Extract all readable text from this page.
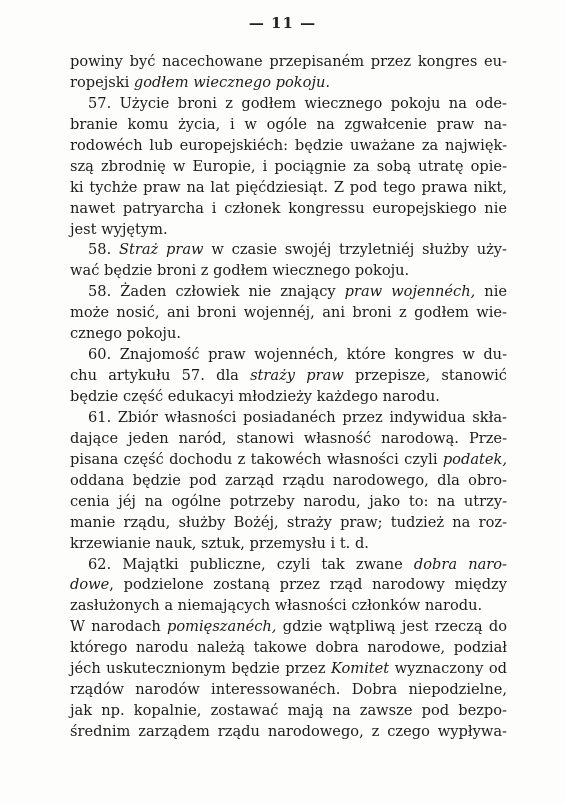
— 11 —
powiny być nacechowane przepisaném przez kongres eu-
ropejski godłem wiecznego pokoju.
57. Użycie broni z godłem wiecznego pokoju na ode-
branie komu życia, i w ogóle na zgwałcenie praw na-
rodowéch lub europejskiéch: będzie uważane za najwięk-
szą zbrodnię w Europie, i pociągnie za sobą utratę opie-
ki tychże praw na lat pięćdziesiąt. Z pod tego prawa nikt,
nawet patryarcha i członek kongressu europejskiego nie
jest wyjętym.
58. Straż praw w czasie swojéj trzyletniéj służby uży-
wać będzie broni z godłem wiecznego pokoju.
58. Żaden człowiek nie znający praw wojennéch, nie
może nosić, ani broni wojennéj, ani broni z godłem wie-
cznego pokoju.
60. Znajomość praw wojennéch, które kongres w du-
chu artykułu 57. dla straży praw przepisze, stanowić
będzie część edukacyi młodzieży każdego narodu.
61. Zbiór własności posiadanéch przez indywidua skła-
dające jeden naród, stanowi własność narodową. Prze-
pisana część dochodu z takowéch własności czyli podatek,
oddana będzie pod zarząd rządu narodowego, dla obro-
cenia jéj na ogólne potrzeby narodu, jako to: na utrzy-
manie rządu, służby Bożéj, straży praw; tudzież na roz-
krzewianie nauk, sztuk, przemysłu i t. d.
62. Majątki publiczne, czyli tak zwane dobra naro-
dowe, podzielone zostaną przez rząd narodowy między
zasłużonych a niemających własności członków narodu.
W narodach pomięszanéch, gdzie wątpliwą jest rzeczą do
którego narodu należą takowe dobra narodowe, podział
jéch uskutecznionym będzie przez Komitet wyznaczony od
rządów narodów interessowanéch. Dobra niepodzielne,
jak np. kopalnie, zostawać mają na zawsze pod bezpo-
średnim zarządem rządu narodowego, z czego wypływa-
